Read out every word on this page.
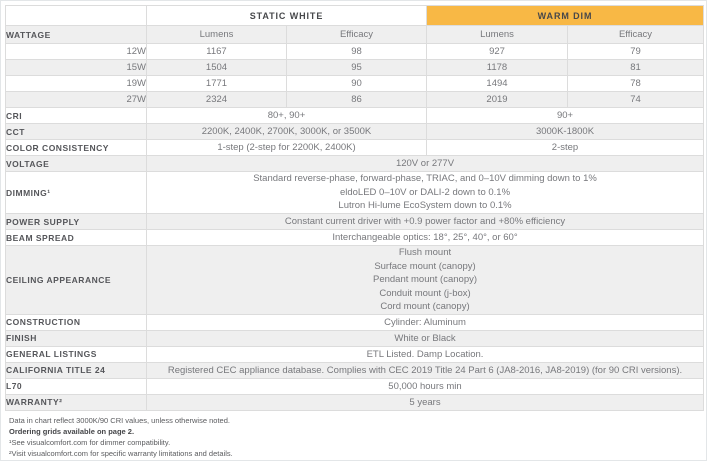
	STATIC WHITE		WARM DIM	
WATTAGE	Lumens	Efficacy	Lumens	Efficacy
12W	1167	98	927	79
15W	1504	95	1178	81
19W	1771	90	1494	78
27W	2324	86	2019	74
CRI	80+, 90+		90+	
CCT	2200K, 2400K, 2700K, 3000K, or 3500K		3000K-1800K	
COLOR CONSISTENCY	1-step (2-step for 2200K, 2400K)		2-step	
VOLTAGE	120V or 277V			
DIMMING¹	Standard reverse-phase, forward-phase, TRIAC, and 0–10V dimming down to 1%
eldoLED 0–10V or DALI-2 down to 0.1%
Lutron Hi-lume EcoSystem down to 0.1%			

POWER SUPPLY	Constant current driver with +0.9 power factor and +80% efficiency			
BEAM SPREAD	Interchangeable optics: 18°, 25°, 40°, or 60°			
CEILING APPEARANCE	Flush mount
Surface mount (canopy)
Pendant mount (canopy)
Conduit mount (j-box)
Cord mount (canopy)			

CONSTRUCTION	Cylinder: Aluminum			
FINISH	White or Black			
GENERAL LISTINGS	ETL Listed. Damp Location.			
CALIFORNIA TITLE 24	Registered CEC appliance database. Complies with CEC 2019 Title 24 Part 6 (JA8-2016, JA8-2019) (for 90 CRI versions).			
L70	50,000 hours min			
WARRANTY²	5 years			
Data in chart reflect 3000K/90 CRI values, unless otherwise noted.
Ordering grids available on page 2.
¹See visualcomfort.com for dimmer compatibility.
²Visit visualcomfort.com for specific warranty limitations and details.
